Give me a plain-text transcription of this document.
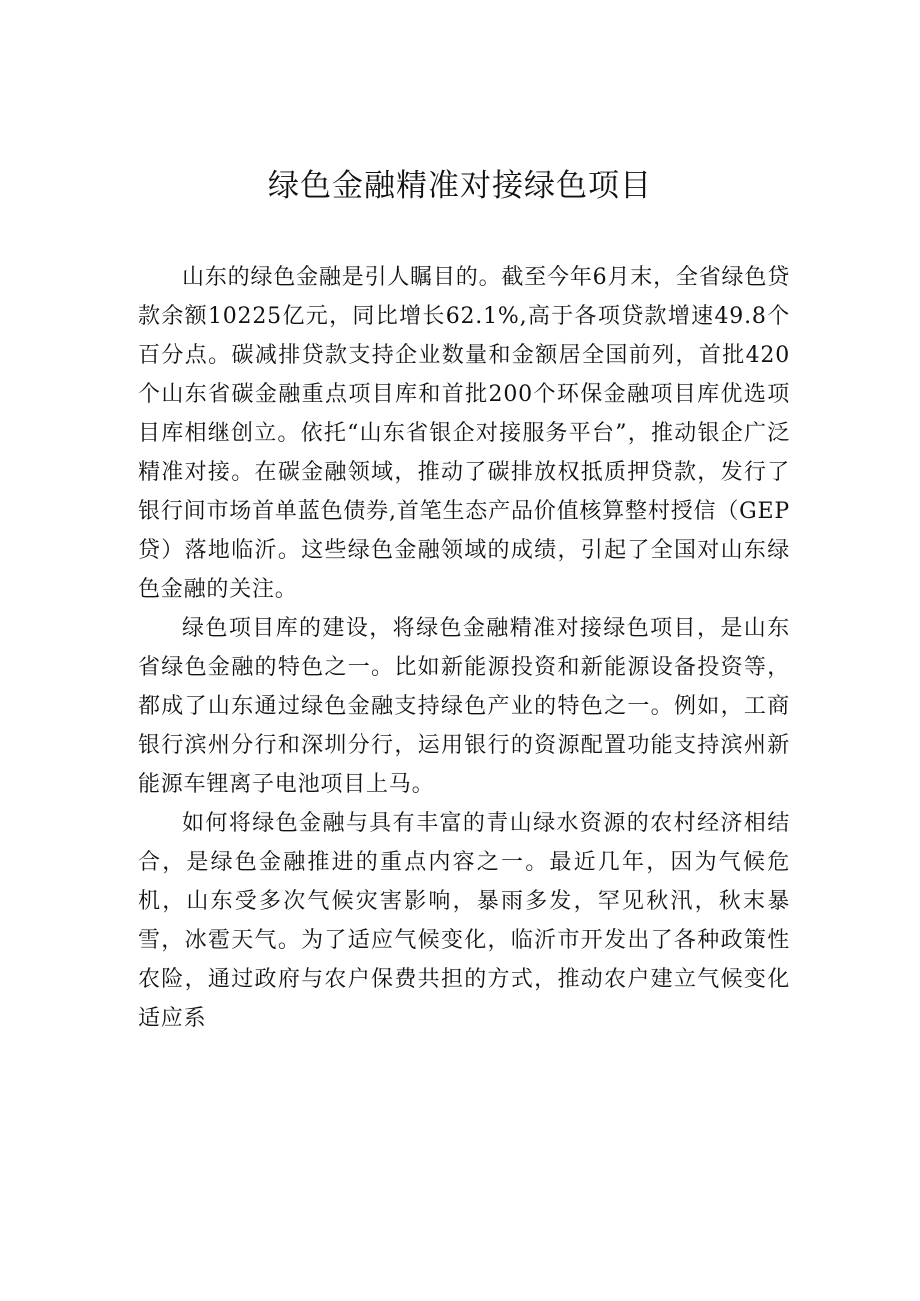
绿色金融精准对接绿色项目

山东的绿色金融是引人瞩目的。截至今年6月末，全省绿色贷款余额10225亿元，同比增长62.1%,高于各项贷款增速49.8个百分点。碳减排贷款支持企业数量和金额居全国前列，首批420个山东省碳金融重点项目库和首批200个环保金融项目库优选项目库相继创立。依托“山东省银企对接服务平台”，推动银企广泛精准对接。在碳金融领域，推动了碳排放权抵质押贷款，发行了银行间市场首单蓝色债券,首笔生态产品价值核算整村授信（GEP贷）落地临沂。这些绿色金融领域的成绩，引起了全国对山东绿色金融的关注。

绿色项目库的建设，将绿色金融精准对接绿色项目，是山东省绿色金融的特色之一。比如新能源投资和新能源设备投资等，都成了山东通过绿色金融支持绿色产业的特色之一。例如，工商银行滨州分行和深圳分行，运用银行的资源配置功能支持滨州新能源车锂离子电池项目上马。

如何将绿色金融与具有丰富的青山绿水资源的农村经济相结合，是绿色金融推进的重点内容之一。最近几年，因为气候危机，山东受多次气候灾害影响，暴雨多发，罕见秋汛，秋末暴雪，冰雹天气。为了适应气候变化，临沂市开发出了各种政策性农险，通过政府与农户保费共担的方式，推动农户建立气候变化适应系
